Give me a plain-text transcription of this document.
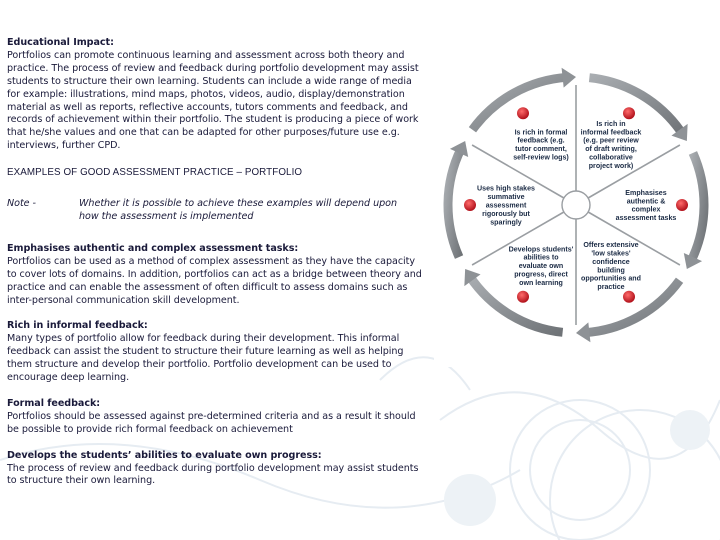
Educational Impact:

Portfolios can promote continuous learning and assessment across both theory and practice. The process of review and feedback during portfolio development may assist students to structure their own learning. Students can include a wide range of media for example: illustrations, mind maps, photos, videos, audio, display/demonstration material as well as reports, reflective accounts, tutors comments and feedback, and records of achievement within their portfolio. The student is producing a piece of work that he/she values and one that can be adapted for other purposes/future use e.g. interviews, further CPD.

EXAMPLES OF GOOD ASSESSMENT PRACTICE – PORTFOLIO

Note -	Whether it is possible to achieve these examples will depend upon how the assessment is implemented

Emphasises authentic and complex assessment tasks:

Portfolios can be used as a method of complex assessment as they have the capacity to cover lots of domains. In addition, portfolios can act as a bridge between theory and practice and can enable the assessment of often difficult to assess domains such as inter-personal communication skill development.

Rich in informal feedback:

Many types of portfolio allow for feedback during their development. This informal feedback can assist the student to structure their future learning as well as helping them structure and develop their portfolio. Portfolio development can be used to encourage deep learning.

Formal feedback:

Portfolios should be assessed against pre-determined criteria and as a result it should be possible to provide rich formal feedback on achievement

Develops the students’ abilities to evaluate own progress:

The process of review and feedback during portfolio development may assist students to structure their own learning.

Is rich in informal feedback (e.g. peer review of draft writing, collaborative project work)
Emphasises authentic & complex assessment tasks
Offers extensive 'low stakes' confidence building opportunities and practice
Develops students' abilities to evaluate own progress, direct own learning
Uses high stakes summative assessment rigorously but sparingly
Is rich in formal feedback (e.g. tutor comment, self-review logs)
